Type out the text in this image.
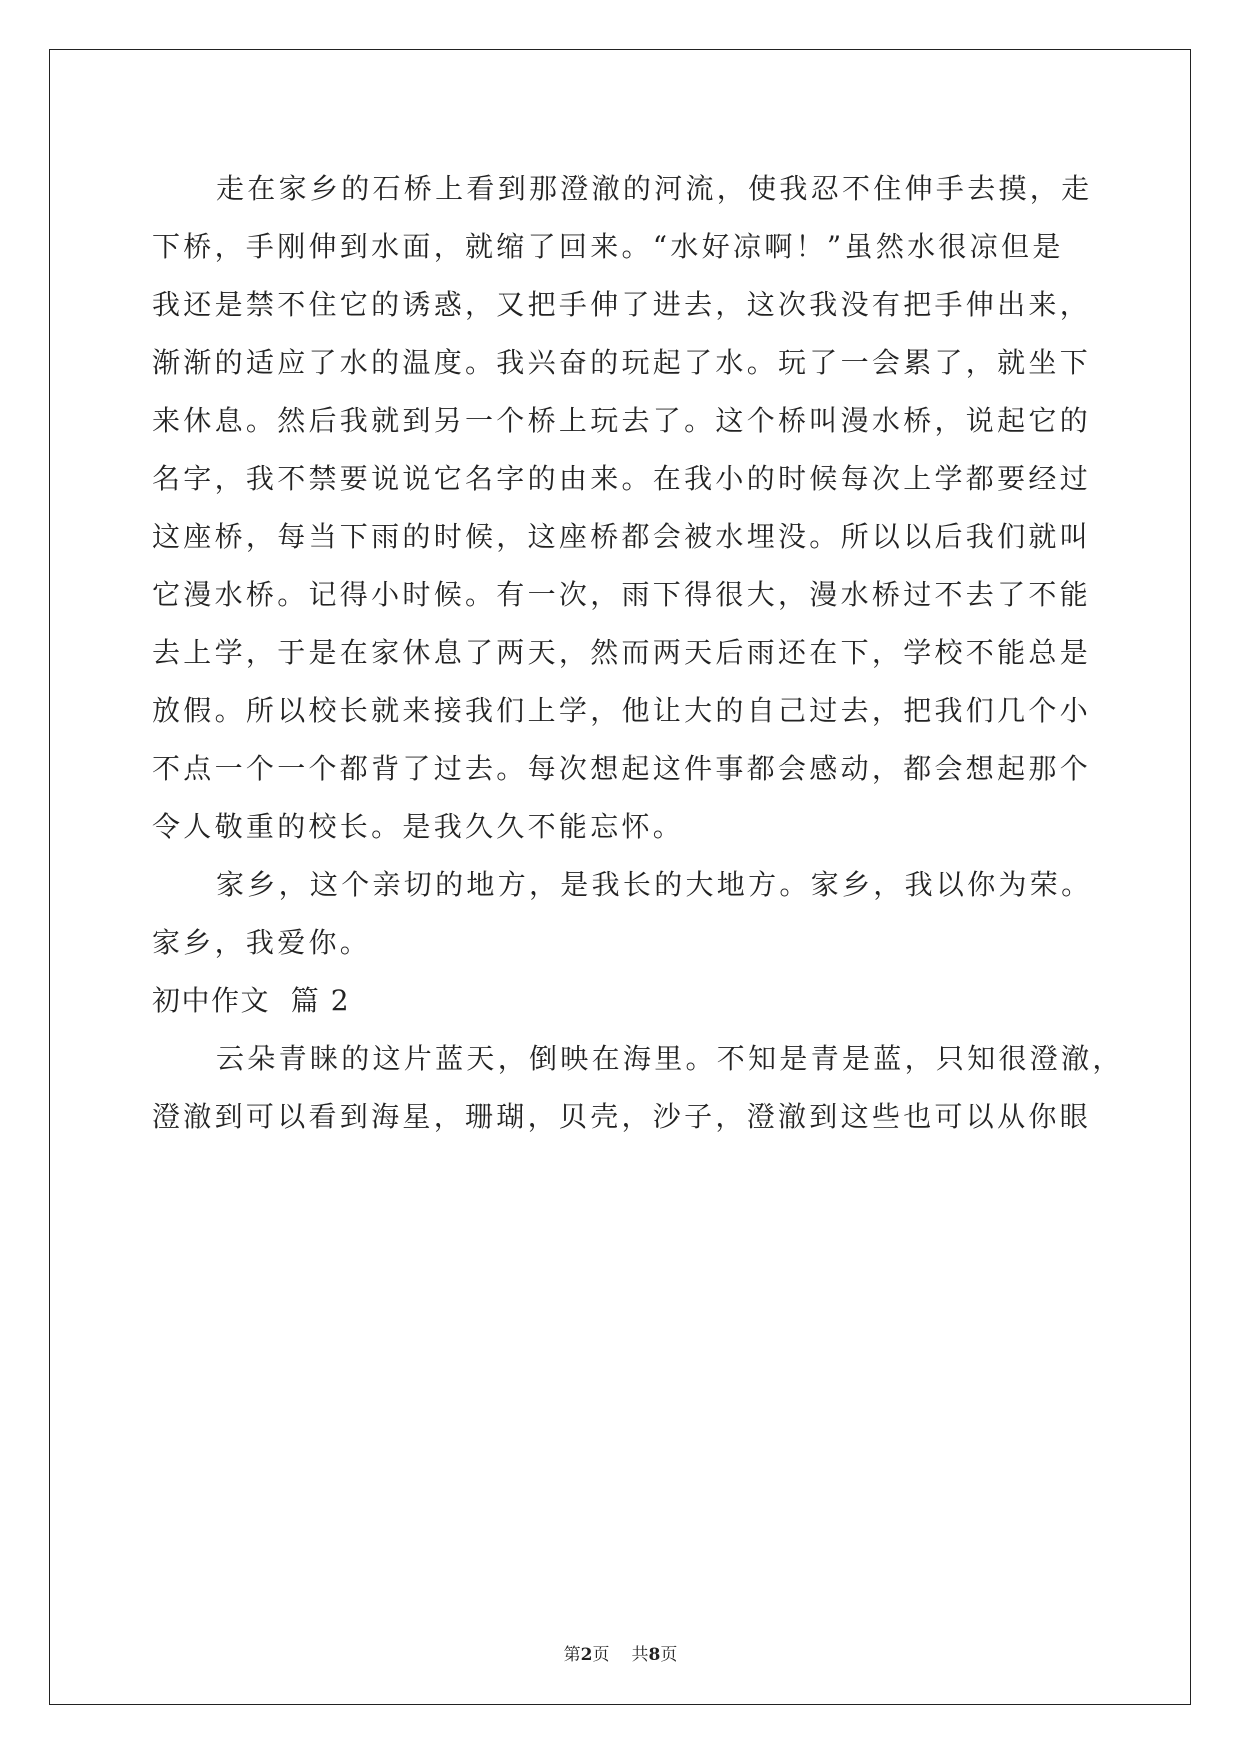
走在家乡的石桥上看到那澄澈的河流，使我忍不住伸手去摸，走
下桥，手刚伸到水面，就缩了回来。“水好凉啊！”虽然水很凉但是
我还是禁不住它的诱惑，又把手伸了进去，这次我没有把手伸出来，
渐渐的适应了水的温度。我兴奋的玩起了水。玩了一会累了，就坐下
来休息。然后我就到另一个桥上玩去了。这个桥叫漫水桥，说起它的
名字，我不禁要说说它名字的由来。在我小的时候每次上学都要经过
这座桥，每当下雨的时候，这座桥都会被水埋没。所以以后我们就叫
它漫水桥。记得小时候。有一次，雨下得很大，漫水桥过不去了不能
去上学，于是在家休息了两天，然而两天后雨还在下，学校不能总是
放假。所以校长就来接我们上学，他让大的自己过去，把我们几个小
不点一个一个都背了过去。每次想起这件事都会感动，都会想起那个
令人敬重的校长。是我久久不能忘怀。
家乡，这个亲切的地方，是我长的大地方。家乡，我以你为荣。
家乡，我爱你。
初中作文  篇 2
云朵青睐的这片蓝天，倒映在海里。不知是青是蓝，只知很澄澈，
澄澈到可以看到海星，珊瑚，贝壳，沙子，澄澈到这些也可以从你眼
第2页 共8页
